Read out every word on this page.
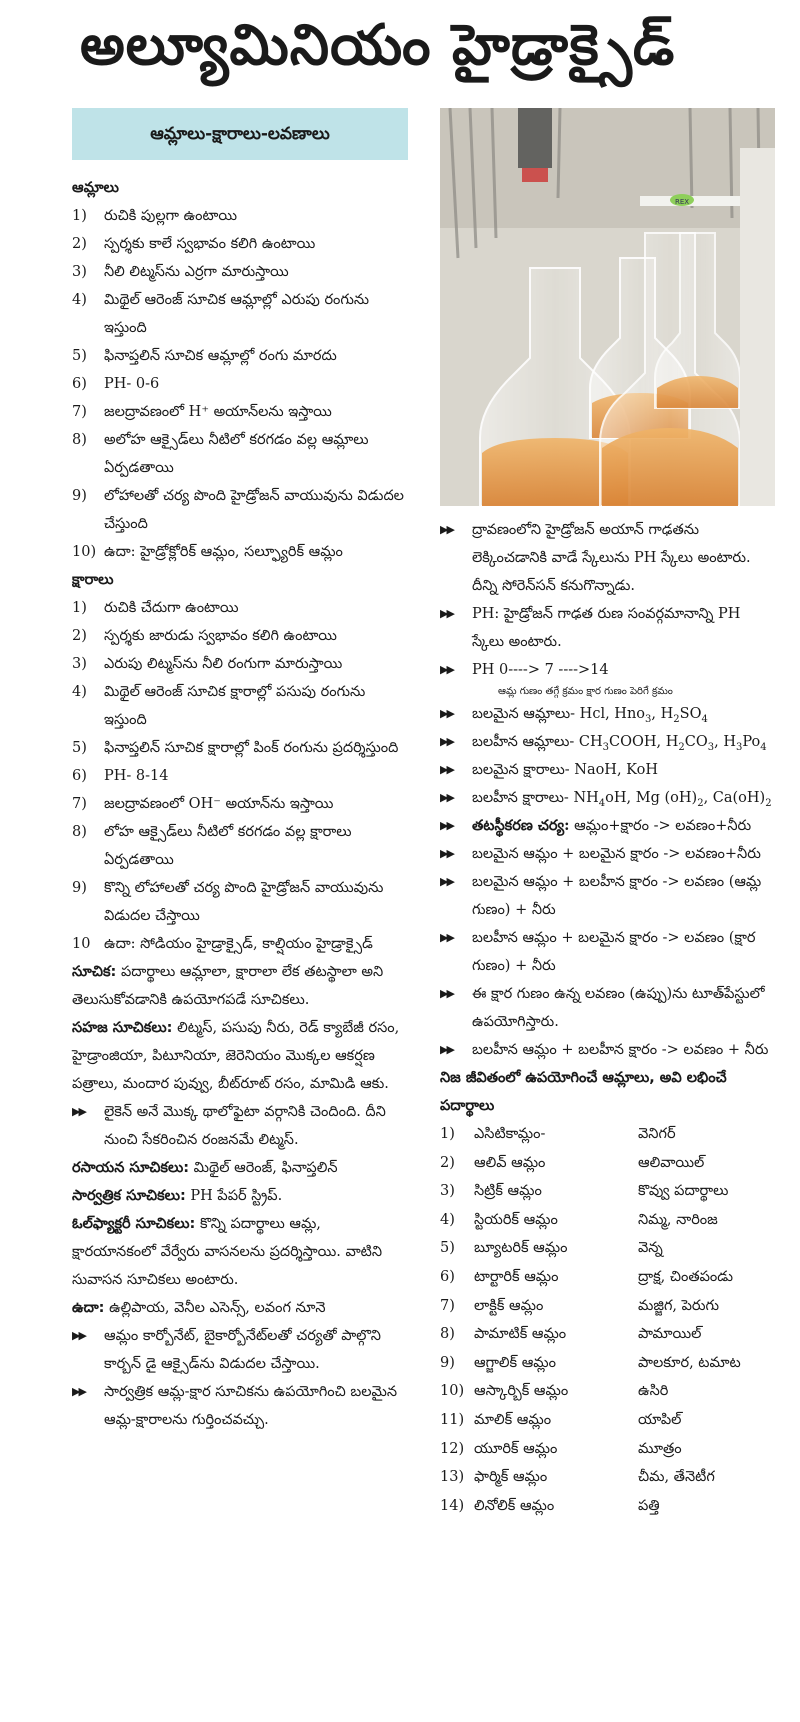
అల్యూమినియం హైడ్రాక్సైడ్
ఆమ్లాలు-క్షారాలు-లవణాలు
ఆమ్లాలు
1)	రుచికి పుల్లగా ఉంటాయి
2)	స్పర్శకు కాలే స్వభావం కలిగి ఉంటాయి
3)	నీలి లిట్మస్‌ను ఎర్రగా మారుస్తాయి
4)	మిథైల్ ఆరెంజ్ సూచిక ఆమ్లాల్లో ఎరుపు రంగును ఇస్తుంది
5)	ఫినాప్తలిన్ సూచిక ఆమ్లాల్లో రంగు మారదు
6)	PH- 0-6
7)	జలద్రావణంలో H⁺ అయాన్‌లను ఇస్తాయి
8)	అలోహ ఆక్సైడ్‌లు నీటిలో కరగడం వల్ల ఆమ్లాలు ఏర్పడతాయి
9)	లోహాలతో చర్య పొంది హైడ్రోజన్ వాయువును విడుదల చేస్తుంది
10) ఉదా: హైడ్రోక్లోరిక్ ఆమ్లం, సల్ఫ్యూరిక్ ఆమ్లం
క్షారాలు
1)	రుచికి చేదుగా ఉంటాయి
2)	స్పర్శకు జారుడు స్వభావం కలిగి ఉంటాయి
3)	ఎరుపు లిట్మస్‌ను నీలి రంగుగా మారుస్తాయి
4)	మిథైల్ ఆరెంజ్ సూచిక క్షారాల్లో పసుపు రంగును ఇస్తుంది
5)	ఫినాప్తలిన్ సూచిక క్షారాల్లో పింక్ రంగును ప్రదర్శిస్తుంది
6)	PH- 8-14
7)	జలద్రావణంలో OH⁻ అయాన్‌ను ఇస్తాయి
8)	లోహ ఆక్సైడ్‌లు నీటిలో కరగడం వల్ల క్షారాలు ఏర్పడతాయి
9)	కొన్ని లోహాలతో చర్య పొంది హైడ్రోజన్ వాయువును విడుదల చేస్తాయి
10 ఉదా: సోడియం హైడ్రాక్సైడ్, కాల్షియం హైడ్రాక్సైడ్
సూచిక: పదార్థాలు ఆమ్లాలా, క్షారాలా లేక తటస్థాలా అని తెలుసుకోవడానికి ఉపయోగపడే సూచికలు.
సహజ సూచికలు: లిట్మస్, పసుపు నీరు, రెడ్ క్యాబేజీ రసం, హైడ్రాంజియా, పిటూనియా, జెరెనియం మొక్కల ఆకర్షణ పత్రాలు, మందార పువ్వు, బీట్‌రూట్ రసం, మామిడి ఆకు.
▶▶	లైకెన్ అనే మొక్క థాలోఫైటా వర్గానికి చెందింది. దీని నుంచి సేకరించిన రంజనమే లిట్మస్.
రసాయన సూచికలు: మిథైల్ ఆరెంజ్, ఫినాప్తలిన్
సార్వత్రిక సూచికలు: PH పేపర్ స్ట్రిప్.
ఓల్‌ఫ్యాక్టరీ సూచికలు: కొన్ని పదార్థాలు ఆమ్ల, క్షారయానకంలో వేర్వేరు వాసనలను ప్రదర్శిస్తాయి. వాటిని సువాసన సూచికలు అంటారు.
ఉదా: ఉల్లిపాయ, వెనీల ఎసెన్స్, లవంగ నూనె
▶▶	ఆమ్లం కార్బోనేట్, బైకార్బోనేట్‌లతో చర్యతో పాల్గొని కార్బన్ డై ఆక్సైడ్‌ను విడుదల చేస్తాయి.
▶▶	సార్వత్రిక ఆమ్ల-క్షార సూచికను ఉపయోగించి బలమైన ఆమ్ల-క్షారాలను గుర్తించవచ్చు.
REX
▶▶	ద్రావణంలోని హైడ్రోజన్ అయాన్ గాఢతను లెక్కించడానికి వాడే స్కేలును PH స్కేలు అంటారు. దీన్ని సోరెన్‌సన్ కనుగొన్నాడు.
▶▶	PH: హైడ్రోజన్ గాఢత రుణ సంవర్గమానాన్ని PH స్కేలు అంటారు.
▶▶	PH 0----> 7 ---->14
ఆమ్ల గుణం తగ్గే క్రమం క్షార గుణం పెరిగే క్రమం
▶▶	బలమైన ఆమ్లాలు- Hcl, Hno$_3$, $H_2SO_4$
▶▶	బలహీన ఆమ్లాలు- $CH_3COOH$, $H_2CO_3$, $H_3Po_4$
▶▶	బలమైన క్షారాలు- NaoH, KoH
▶▶	బలహీన క్షారాలు- $NH_4oH$, Mg $(oH)_2$, $Ca(oH)_2$
▶▶	తటస్థీకరణ చర్య: ఆమ్లం+క్షారం -> లవణం+నీరు
▶▶	బలమైన ఆమ్లం + బలమైన క్షారం -> లవణం+నీరు
▶▶	బలమైన ఆమ్లం + బలహీన క్షారం -> లవణం (ఆమ్ల గుణం) + నీరు
▶▶	బలహీన ఆమ్లం + బలమైన క్షారం -> లవణం (క్షార గుణం) + నీరు
▶▶	ఈ క్షార గుణం ఉన్న లవణం (ఉప్పు)ను టూత్‌పేస్టులో ఉపయోగిస్తారు.
▶▶	బలహీన ఆమ్లం + బలహీన క్షారం -> లవణం + నీరు
నిజ జీవితంలో ఉపయోగించే ఆమ్లాలు, అవి లభించే పదార్థాలు
1)	ఎసిటికామ్లం-	వెనిగర్
2)	ఆలివ్ ఆమ్లం	ఆలివాయిల్
3)	సిట్రిక్ ఆమ్లం	కొవ్వు పదార్థాలు
4)	స్టియరిక్ ఆమ్లం	నిమ్మ, నారింజ
5)	బ్యూటరిక్ ఆమ్లం	వెన్న
6)	టార్టారిక్ ఆమ్లం	ద్రాక్ష, చింతపండు
7)	లాక్టిక్ ఆమ్లం	మజ్జిగ, పెరుగు
8)	పామాటిక్ ఆమ్లం	పామాయిల్
9)	ఆగ్జాలిక్ ఆమ్లం	పాలకూర, టమాట
10) ఆస్కార్బిక్ ఆమ్లం	ఉసిరి
11) మాలిక్ ఆమ్లం	యాపిల్
12) యూరిక్ ఆమ్లం	మూత్రం
13) ఫార్మిక్ ఆమ్లం	చీమ, తేనెటీగ
14) లినోలిక్ ఆమ్లం	పత్తి
